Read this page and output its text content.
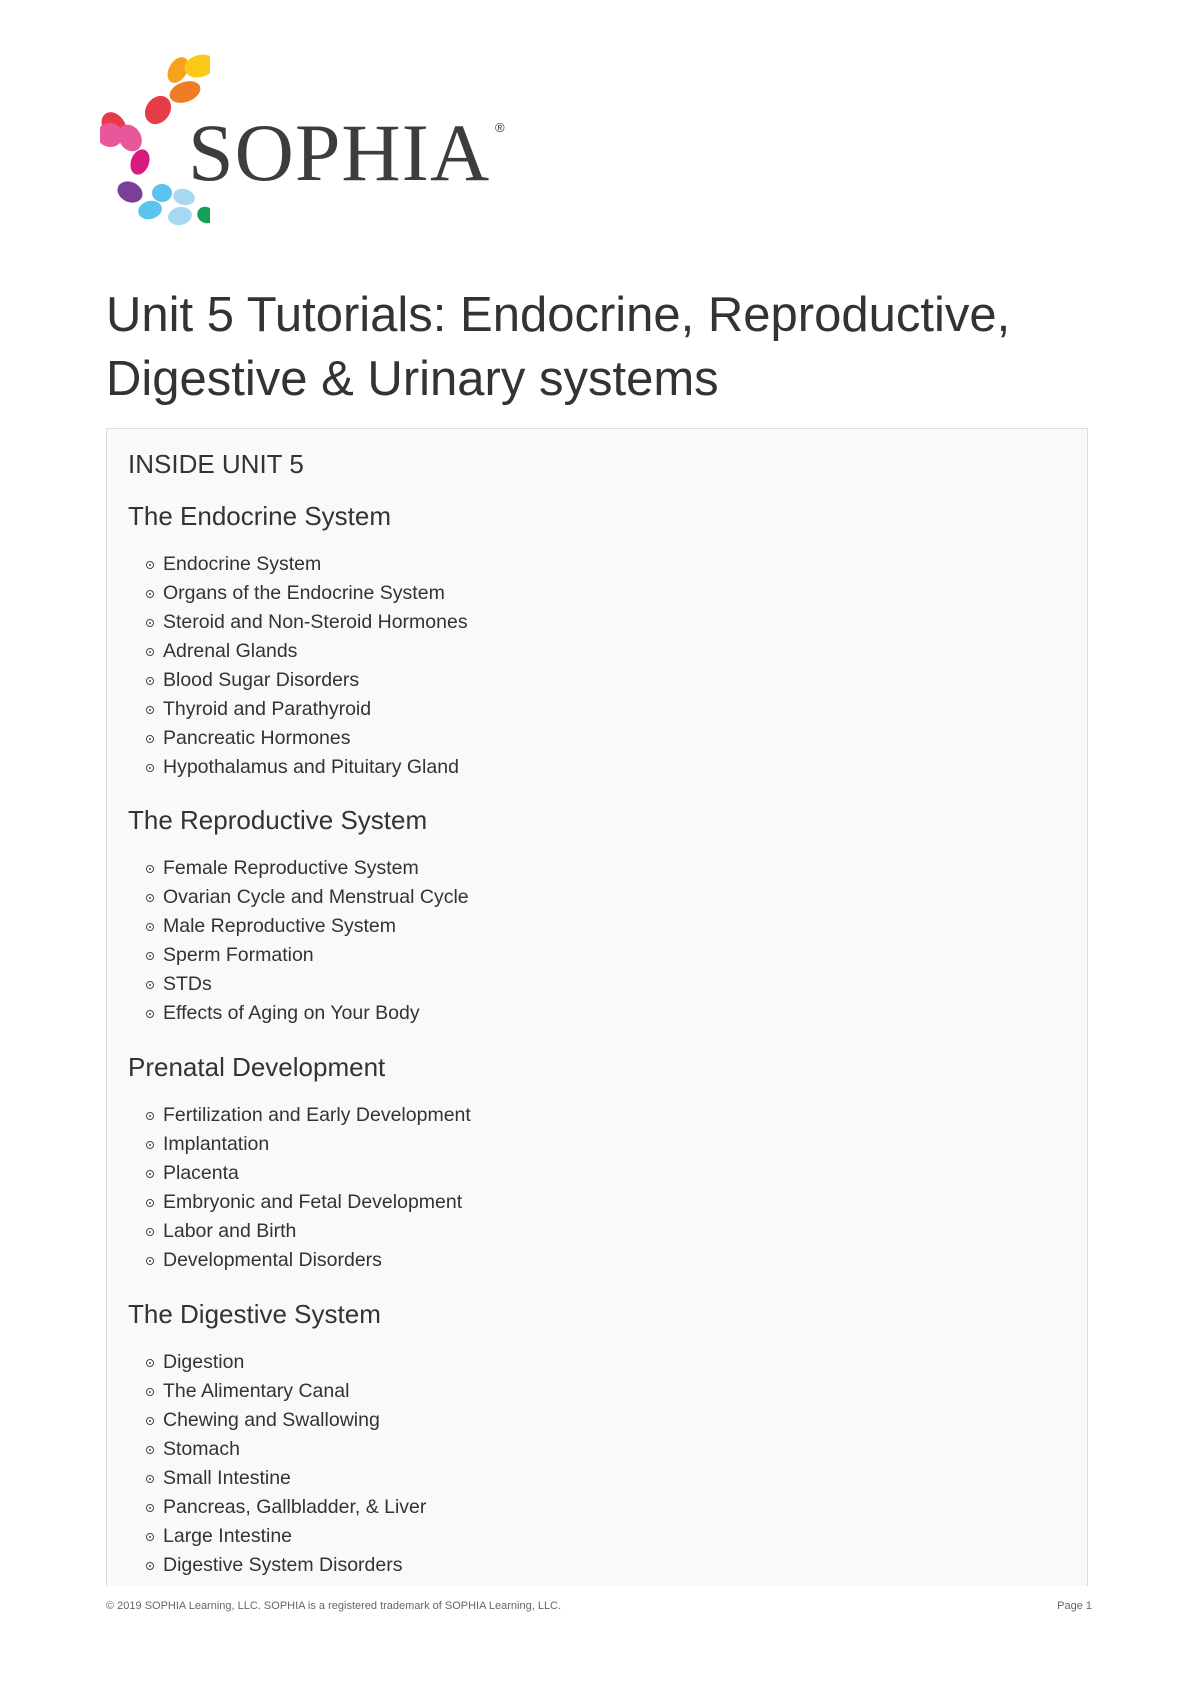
SOPHIA ®
Unit 5 Tutorials: Endocrine, Reproductive,
Digestive & Urinary systems
INSIDE UNIT 5
The Endocrine System
Endocrine System
Organs of the Endocrine System
Steroid and Non-Steroid Hormones
Adrenal Glands
Blood Sugar Disorders
Thyroid and Parathyroid
Pancreatic Hormones
Hypothalamus and Pituitary Gland
The Reproductive System
Female Reproductive System
Ovarian Cycle and Menstrual Cycle
Male Reproductive System
Sperm Formation
STDs
Effects of Aging on Your Body
Prenatal Development
Fertilization and Early Development
Implantation
Placenta
Embryonic and Fetal Development
Labor and Birth
Developmental Disorders
The Digestive System
Digestion
The Alimentary Canal
Chewing and Swallowing
Stomach
Small Intestine
Pancreas, Gallbladder, & Liver
Large Intestine
Digestive System Disorders
© 2019 SOPHIA Learning, LLC. SOPHIA is a registered trademark of SOPHIA Learning, LLC.	Page 1
